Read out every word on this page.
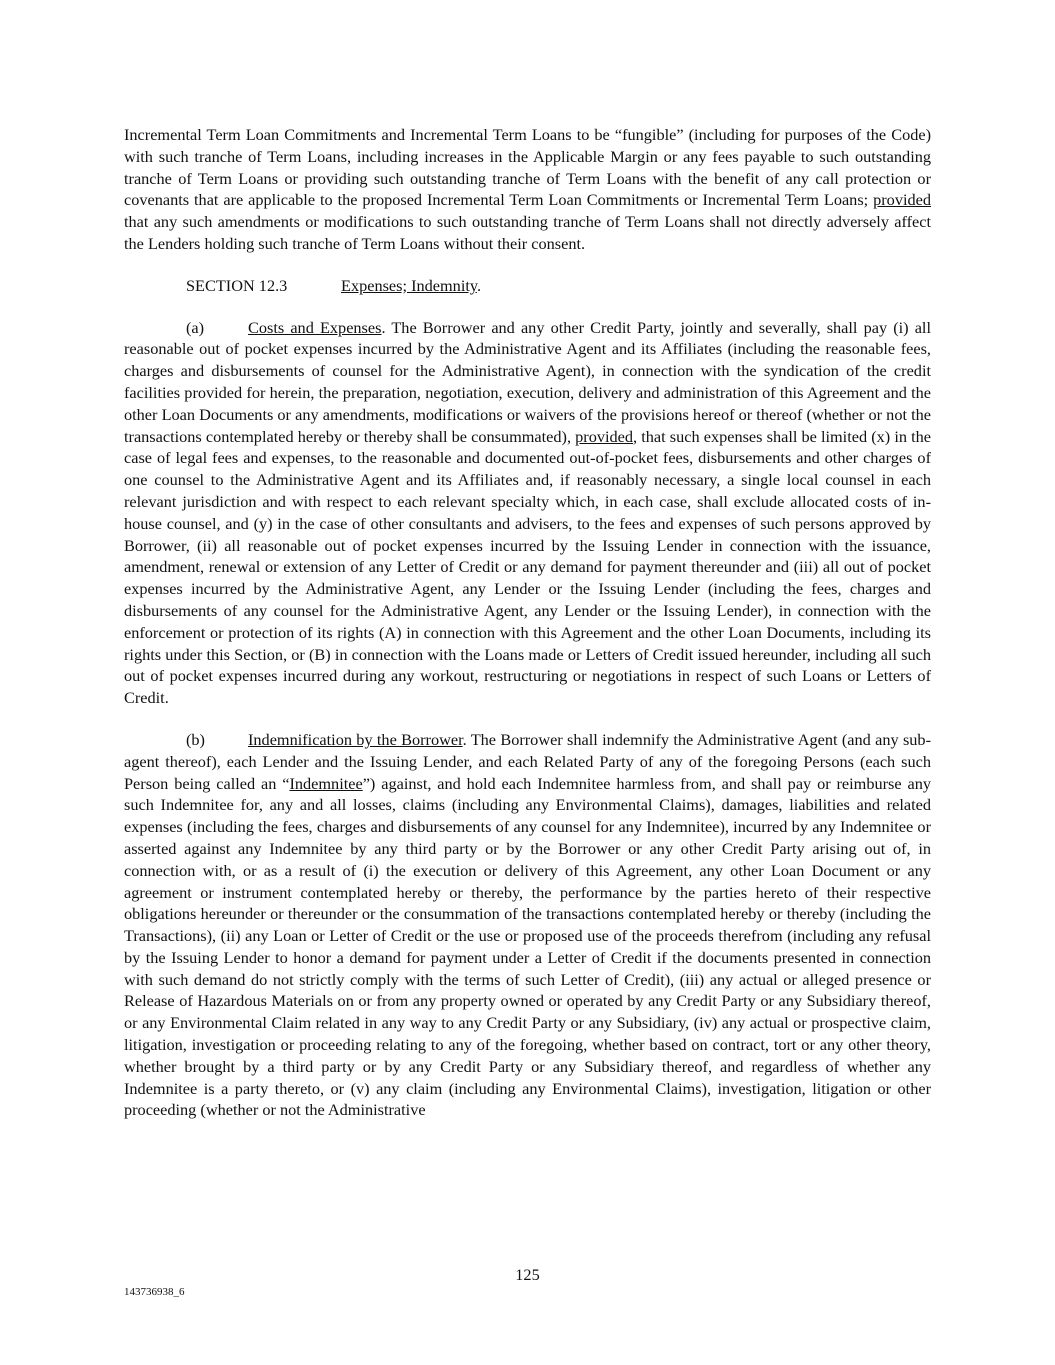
Incremental Term Loan Commitments and Incremental Term Loans to be “fungible” (including for purposes of the Code) with such tranche of Term Loans, including increases in the Applicable Margin or any fees payable to such outstanding tranche of Term Loans or providing such outstanding tranche of Term Loans with the benefit of any call protection or covenants that are applicable to the proposed Incremental Term Loan Commitments or Incremental Term Loans; provided that any such amendments or modifications to such outstanding tranche of Term Loans shall not directly adversely affect the Lenders holding such tranche of Term Loans without their consent.

SECTION 12.3	Expenses; Indemnity.

(a)	Costs and Expenses. The Borrower and any other Credit Party, jointly and severally, shall pay (i) all reasonable out of pocket expenses incurred by the Administrative Agent and its Affiliates (including the reasonable fees, charges and disbursements of counsel for the Administrative Agent), in connection with the syndication of the credit facilities provided for herein, the preparation, negotiation, execution, delivery and administration of this Agreement and the other Loan Documents or any amendments, modifications or waivers of the provisions hereof or thereof (whether or not the transactions contemplated hereby or thereby shall be consummated), provided, that such expenses shall be limited (x) in the case of legal fees and expenses, to the reasonable and documented out-of-pocket fees, disbursements and other charges of one counsel to the Administrative Agent and its Affiliates and, if reasonably necessary, a single local counsel in each relevant jurisdiction and with respect to each relevant specialty which, in each case, shall exclude allocated costs of in-house counsel, and (y) in the case of other consultants and advisers, to the fees and expenses of such persons approved by Borrower, (ii) all reasonable out of pocket expenses incurred by the Issuing Lender in connection with the issuance, amendment, renewal or extension of any Letter of Credit or any demand for payment thereunder and (iii) all out of pocket expenses incurred by the Administrative Agent, any Lender or the Issuing Lender (including the fees, charges and disbursements of any counsel for the Administrative Agent, any Lender or the Issuing Lender), in connection with the enforcement or protection of its rights (A) in connection with this Agreement and the other Loan Documents, including its rights under this Section, or (B) in connection with the Loans made or Letters of Credit issued hereunder, including all such out of pocket expenses incurred during any workout, restructuring or negotiations in respect of such Loans or Letters of Credit.

(b)	Indemnification by the Borrower. The Borrower shall indemnify the Administrative Agent (and any sub-agent thereof), each Lender and the Issuing Lender, and each Related Party of any of the foregoing Persons (each such Person being called an “Indemnitee”) against, and hold each Indemnitee harmless from, and shall pay or reimburse any such Indemnitee for, any and all losses, claims (including any Environmental Claims), damages, liabilities and related expenses (including the fees, charges and disbursements of any counsel for any Indemnitee), incurred by any Indemnitee or asserted against any Indemnitee by any third party or by the Borrower or any other Credit Party arising out of, in connection with, or as a result of (i) the execution or delivery of this Agreement, any other Loan Document or any agreement or instrument contemplated hereby or thereby, the performance by the parties hereto of their respective obligations hereunder or thereunder or the consummation of the transactions contemplated hereby or thereby (including the Transactions), (ii) any Loan or Letter of Credit or the use or proposed use of the proceeds therefrom (including any refusal by the Issuing Lender to honor a demand for payment under a Letter of Credit if the documents presented in connection with such demand do not strictly comply with the terms of such Letter of Credit), (iii) any actual or alleged presence or Release of Hazardous Materials on or from any property owned or operated by any Credit Party or any Subsidiary thereof, or any Environmental Claim related in any way to any Credit Party or any Subsidiary, (iv) any actual or prospective claim, litigation, investigation or proceeding relating to any of the foregoing, whether based on contract, tort or any other theory, whether brought by a third party or by any Credit Party or any Subsidiary thereof, and regardless of whether any Indemnitee is a party thereto, or (v) any claim (including any Environmental Claims), investigation, litigation or other proceeding (whether or not the Administrative

125
143736938_6
